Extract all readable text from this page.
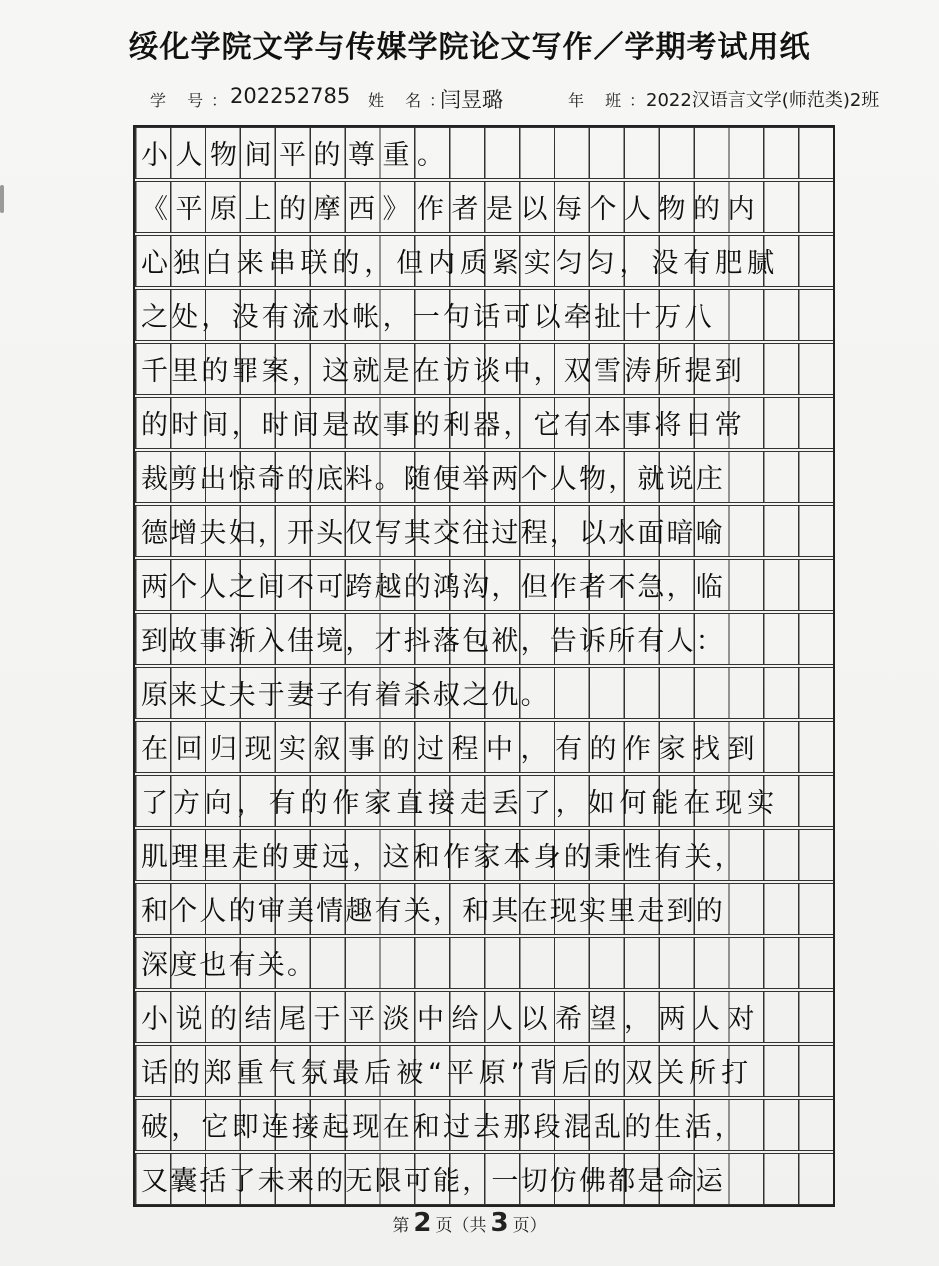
绥化学院文学与传媒学院论文写作／学期考试用纸
学 号：
202252785 姓 名：
闫昱璐	年 班：
2022汉语言文学(师范类)2班
小人物间平的尊重。
《平原上的摩西》作者是以每个人物的内
心独白来串联的，但内质紧实匀匀，没有肥腻
之处，没有流水帐，一句话可以牵扯十万八
千里的罪案，这就是在访谈中，双雪涛所提到
的时间，时间是故事的利器，它有本事将日常
裁剪出惊奇的底料。随便举两个人物，就说庄
德增夫妇，开头仅写其交往过程，以水面暗喻
两个人之间不可跨越的鸿沟，但作者不急，临
到故事渐入佳境，才抖落包袱，告诉所有人：
原来丈夫于妻子有着杀叔之仇。
在回归现实叙事的过程中，有的作家找到
了方向，有的作家直接走丢了，如何能在现实
肌理里走的更远，这和作家本身的秉性有关，
和个人的审美情趣有关，和其在现实里走到的
深度也有关。
小说的结尾于平淡中给人以希望，两人对
话的郑重气氛最后被“平原”背后的双关所打
破，它即连接起现在和过去那段混乱的生活，
又囊括了未来的无限可能，一切仿佛都是命运
第 2 页（共 3 页）
